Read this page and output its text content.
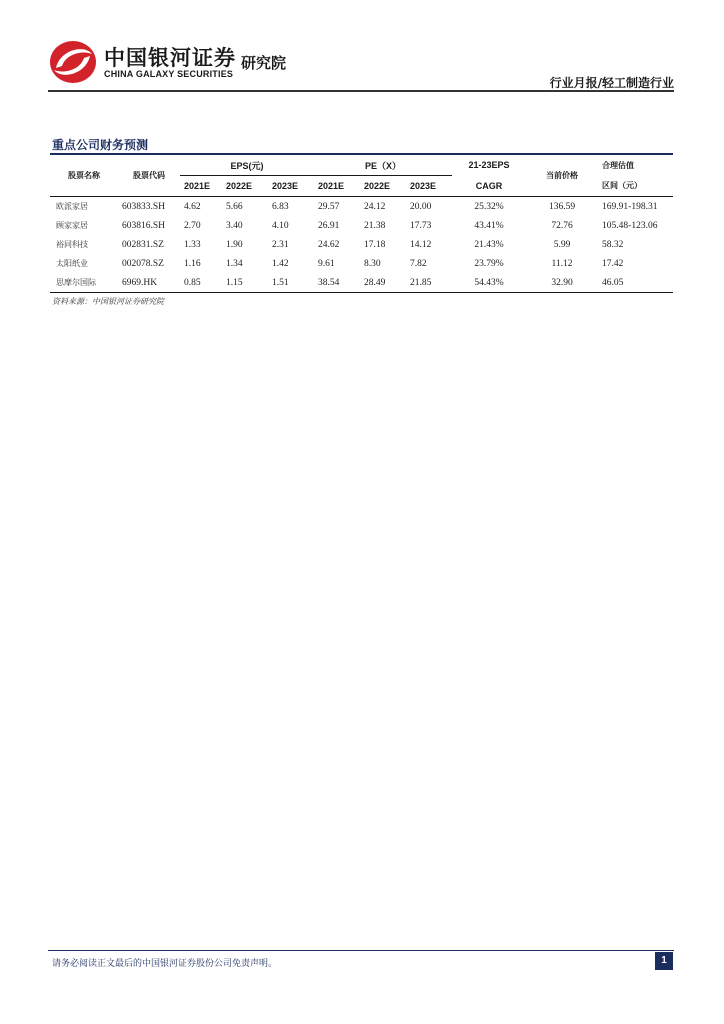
中国银河证券
CHINA GALAXY SECURITIES
研究院
行业月报/轻工制造行业
重点公司财务预测
股票名称	股票代码	EPS(元)			PE（X）			21-23EPS	当前价格	合理估值
		2021E	2022E	2023E	2021E	2022E	2023E	CAGR		区间（元）
欧派家居	603833.SH	4.62	5.66	6.83	29.57	24.12	20.00	25.32%	136.59	169.91-198.31
顾家家居	603816.SH	2.70	3.40	4.10	26.91	21.38	17.73	43.41%	72.76	105.48-123.06
裕同科技	002831.SZ	1.33	1.90	2.31	24.62	17.18	14.12	21.43%	5.99	58.32
太阳纸业	002078.SZ	1.16	1.34	1.42	9.61	8.30	7.82	23.79%	11.12	17.42
思摩尔国际	6969.HK	0.85	1.15	1.51	38.54	28.49	21.85	54.43%	32.90	46.05
资料来源：中国银河证券研究院
请务必阅读正文最后的中国银河证券股份公司免责声明。	1
